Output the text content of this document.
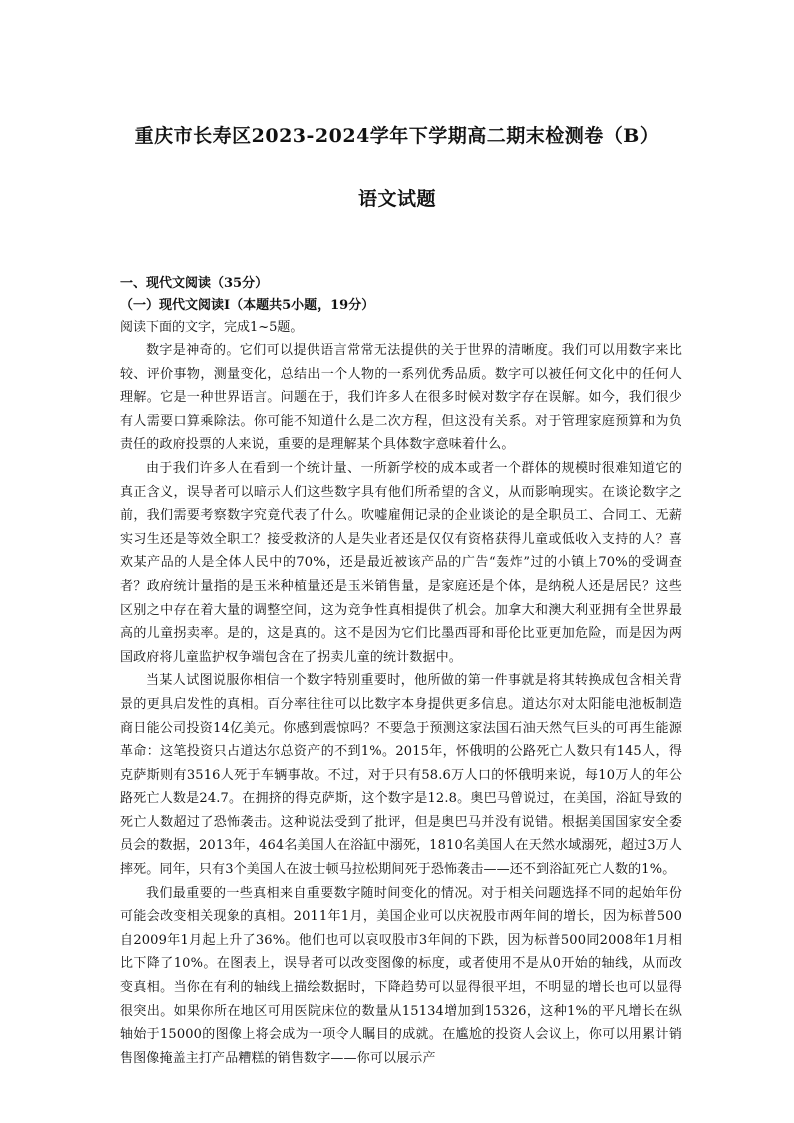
重庆市长寿区2023-2024学年下学期高二期末检测卷（B）
语文试题
一、现代文阅读（35分）
（一）现代文阅读Ⅰ（本题共5小题，19分）
阅读下面的文字，完成1~5题。

数字是神奇的。它们可以提供语言常常无法提供的关于世界的清晰度。我们可以用数字来比较、评价事物，测量变化，总结出一个人物的一系列优秀品质。数字可以被任何文化中的任何人理解。它是一种世界语言。问题在于，我们许多人在很多时候对数字存在误解。如今，我们很少有人需要口算乘除法。你可能不知道什么是二次方程，但这没有关系。对于管理家庭预算和为负责任的政府投票的人来说，重要的是理解某个具体数字意味着什么。

由于我们许多人在看到一个统计量、一所新学校的成本或者一个群体的规模时很难知道它的真正含义，误导者可以暗示人们这些数字具有他们所希望的含义，从而影响现实。在谈论数字之前，我们需要考察数字究竟代表了什么。吹嘘雇佣记录的企业谈论的是全职员工、合同工、无薪实习生还是等效全职工？接受救济的人是失业者还是仅仅有资格获得儿童或低收入支持的人？喜欢某产品的人是全体人民中的70%，还是最近被该产品的广告“轰炸”过的小镇上70%的受调查者？政府统计量指的是玉米种植量还是玉米销售量，是家庭还是个体，是纳税人还是居民？这些区别之中存在着大量的调整空间，这为竞争性真相提供了机会。加拿大和澳大利亚拥有全世界最高的儿童拐卖率。是的，这是真的。这不是因为它们比墨西哥和哥伦比亚更加危险，而是因为两国政府将儿童监护权争端包含在了拐卖儿童的统计数据中。

当某人试图说服你相信一个数字特别重要时，他所做的第一件事就是将其转换成包含相关背景的更具启发性的真相。百分率往往可以比数字本身提供更多信息。道达尔对太阳能电池板制造商日能公司投资14亿美元。你感到震惊吗？不要急于预测这家法国石油天然气巨头的可再生能源革命：这笔投资只占道达尔总资产的不到1%。2015年，怀俄明的公路死亡人数只有145人，得克萨斯则有3516人死于车辆事故。不过，对于只有58.6万人口的怀俄明来说，每10万人的年公路死亡人数是24.7。在拥挤的得克萨斯，这个数字是12.8。奥巴马曾说过，在美国，浴缸导致的死亡人数超过了恐怖袭击。这种说法受到了批评，但是奥巴马并没有说错。根据美国国家安全委员会的数据，2013年，464名美国人在浴缸中溺死，1810名美国人在天然水域溺死，超过3万人摔死。同年，只有3个美国人在波士顿马拉松期间死于恐怖袭击——还不到浴缸死亡人数的1%。

我们最重要的一些真相来自重要数字随时间变化的情况。对于相关问题选择不同的起始年份可能会改变相关现象的真相。2011年1月，美国企业可以庆祝股市两年间的增长，因为标普500自2009年1月起上升了36%。他们也可以哀叹股市3年间的下跌，因为标普500同2008年1月相比下降了10%。在图表上，误导者可以改变图像的标度，或者使用不是从0开始的轴线，从而改变真相。当你在有利的轴线上描绘数据时，下降趋势可以显得很平坦，不明显的增长也可以显得很突出。如果你所在地区可用医院床位的数量从15134增加到15326，这种1%的平凡增长在纵轴始于15000的图像上将会成为一项令人瞩目的成就。在尴尬的投资人会议上，你可以用累计销售图像掩盖主打产品糟糕的销售数字——你可以展示产
